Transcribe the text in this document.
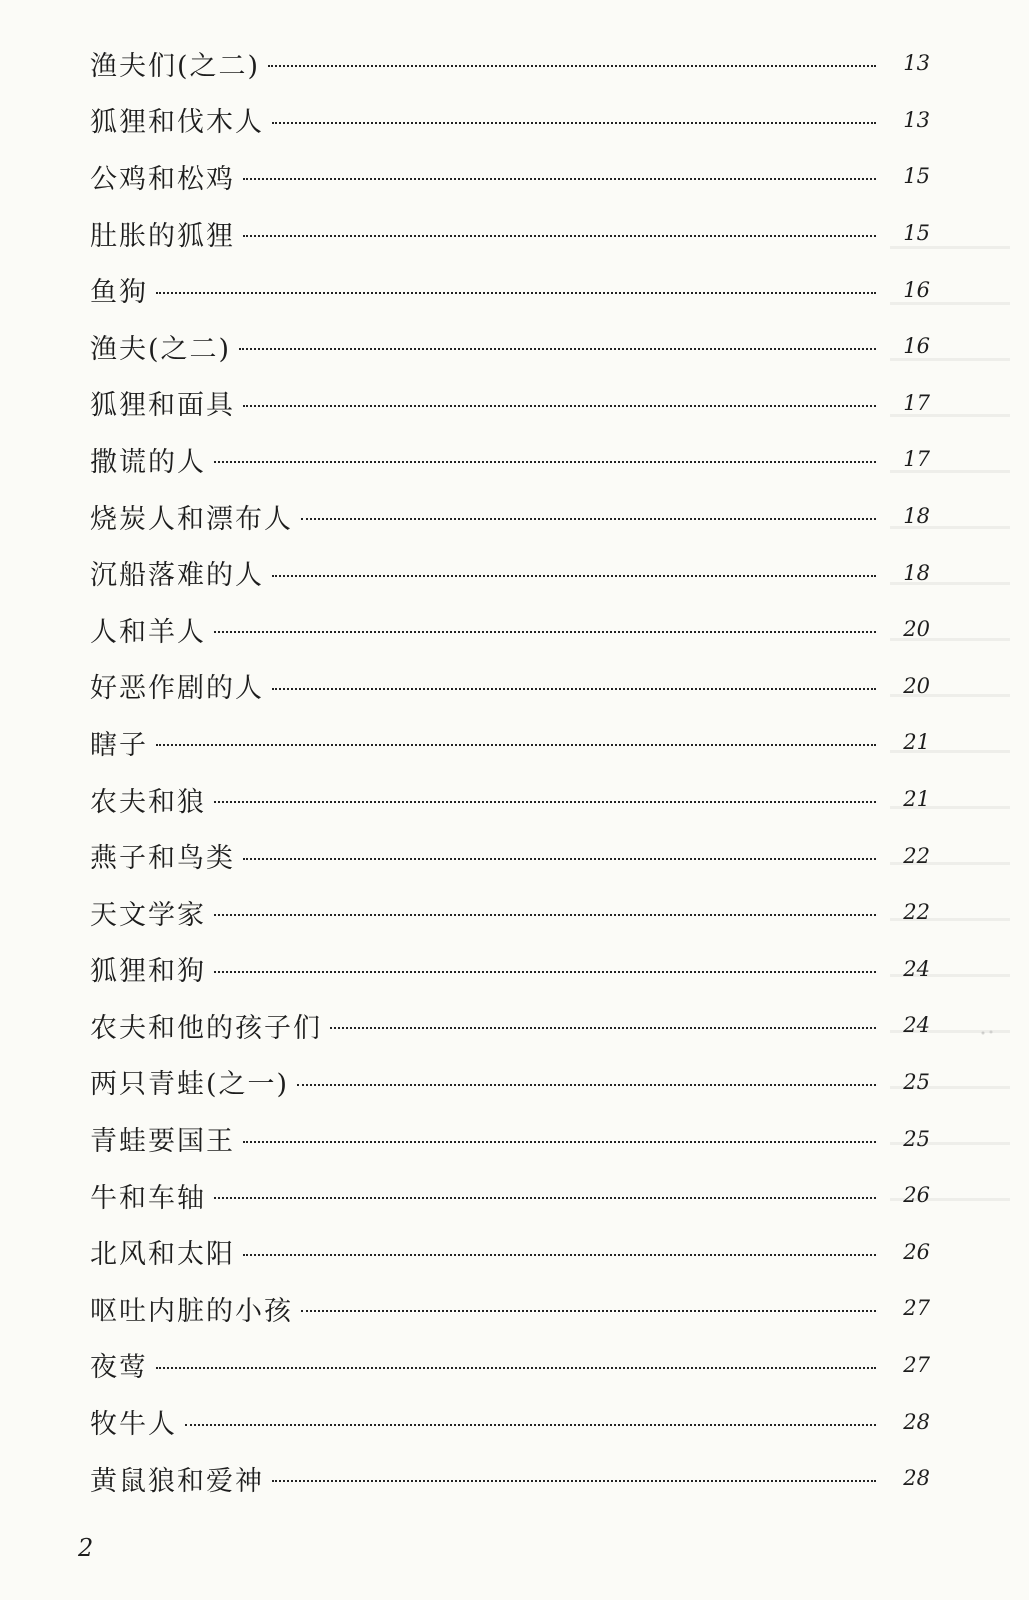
渔夫们(之二)	13
狐狸和伐木人	13
公鸡和松鸡	15
肚胀的狐狸	15
鱼狗	16
渔夫(之二)	16
狐狸和面具	17
撒谎的人	17
烧炭人和漂布人	18
沉船落难的人	18
人和羊人	20
好恶作剧的人	20
瞎子	21
农夫和狼	21
燕子和鸟类	22
天文学家	22
狐狸和狗	24
农夫和他的孩子们	24
两只青蛙(之一)	25
青蛙要国王	25
牛和车轴	26
北风和太阳	26
呕吐内脏的小孩	27
夜莺	27
牧牛人	28
黄鼠狼和爱神	28
2
